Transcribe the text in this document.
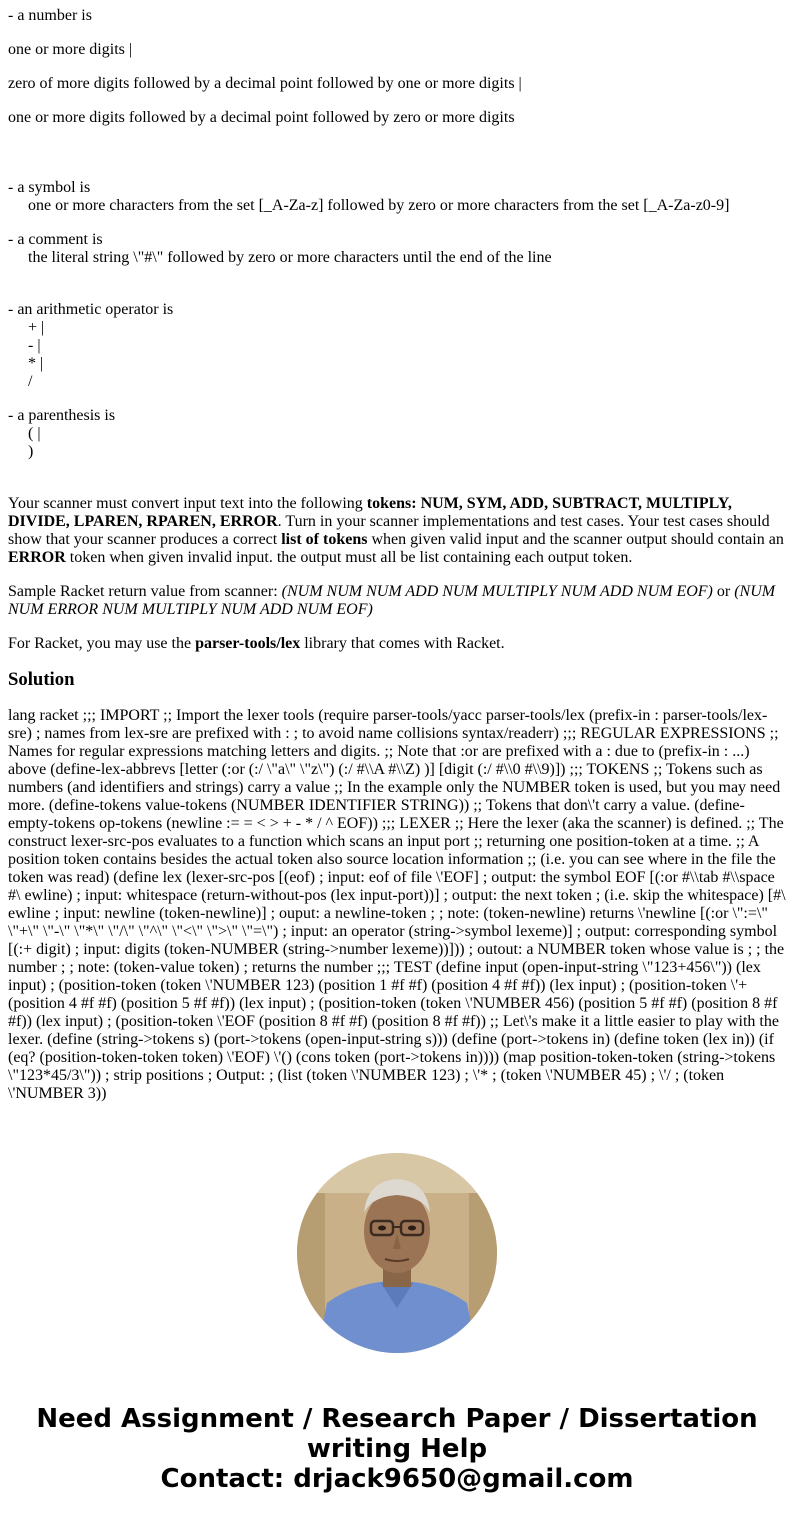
- a number is

one or more digits |

zero of more digits followed by a decimal point followed by one or more digits |

one or more digits followed by a decimal point followed by zero or more digits

- a symbol is

one or more characters from the set [_A-Za-z] followed by zero or more characters from the set [_A-Za-z0-9]

- a comment is

the literal string \"#\" followed by zero or more characters until the end of the line

- an arithmetic operator is

+ |

- |

* |

/

- a parenthesis is

( |

)

Your scanner must convert input text into the following tokens: NUM, SYM, ADD, SUBTRACT, MULTIPLY, DIVIDE, LPAREN, RPAREN, ERROR. Turn in your scanner implementations and test cases. Your test cases should show that your scanner produces a correct list of tokens when given valid input and the scanner output should contain an ERROR token when given invalid input. the output must all be list containing each output token.

Sample Racket return value from scanner: (NUM NUM NUM ADD NUM MULTIPLY NUM ADD NUM EOF) or (NUM NUM ERROR NUM MULTIPLY NUM ADD NUM EOF)

For Racket, you may use the parser-tools/lex library that comes with Racket.

Solution

lang racket ;;; IMPORT ;; Import the lexer tools (require parser-tools/yacc parser-tools/lex (prefix-in : parser-tools/lex-sre) ; names from lex-sre are prefixed with : ; to avoid name collisions syntax/readerr) ;;; REGULAR EXPRESSIONS ;; Names for regular expressions matching letters and digits. ;; Note that :or are prefixed with a : due to (prefix-in : ...) above (define-lex-abbrevs [letter (:or (:/ \"a\" \"z\") (:/ #\\A #\\Z) )] [digit (:/ #\\0 #\\9)]) ;;; TOKENS ;; Tokens such as numbers (and identifiers and strings) carry a value ;; In the example only the NUMBER token is used, but you may need more. (define-tokens value-tokens (NUMBER IDENTIFIER STRING)) ;; Tokens that don\'t carry a value. (define-empty-tokens op-tokens (newline := = < > + - * / ^ EOF)) ;;; LEXER ;; Here the lexer (aka the scanner) is defined. ;; The construct lexer-src-pos evaluates to a function which scans an input port ;; returning one position-token at a time. ;; A position token contains besides the actual token also source location information ;; (i.e. you can see where in the file the token was read) (define lex (lexer-src-pos [(eof) ; input: eof of file \'EOF] ; output: the symbol EOF [(:or #\\tab #\\space #\ ewline) ; input: whitespace (return-without-pos (lex input-port))] ; output: the next token ; (i.e. skip the whitespace) [#\ ewline ; input: newline (token-newline)] ; ouput: a newline-token ; ; note: (token-newline) returns \'newline [(:or \":=\" \"+\" \"-\" \"*\" \"/\" \"^\" \"<\" \">\" \"=\") ; input: an operator (string->symbol lexeme)] ; output: corresponding symbol [(:+ digit) ; input: digits (token-NUMBER (string->number lexeme))])) ; outout: a NUMBER token whose value is ; ; the number ; ; note: (token-value token) ; returns the number ;;; TEST (define input (open-input-string \"123+456\")) (lex input) ; (position-token (token \'NUMBER 123) (position 1 #f #f) (position 4 #f #f)) (lex input) ; (position-token \'+ (position 4 #f #f) (position 5 #f #f)) (lex input) ; (position-token (token \'NUMBER 456) (position 5 #f #f) (position 8 #f #f)) (lex input) ; (position-token \'EOF (position 8 #f #f) (position 8 #f #f)) ;; Let\'s make it a little easier to play with the lexer. (define (string->tokens s) (port->tokens (open-input-string s))) (define (port->tokens in) (define token (lex in)) (if (eq? (position-token-token token) \'EOF) \'() (cons token (port->tokens in)))) (map position-token-token (string->tokens \"123*45/3\")) ; strip positions ; Output: ; (list (token \'NUMBER 123) ; \'* ; (token \'NUMBER 45) ; \'/ ; (token \'NUMBER 3))

Need Assignment / Research Paper / Dissertation
writing Help
Contact: drjack9650@gmail.com
